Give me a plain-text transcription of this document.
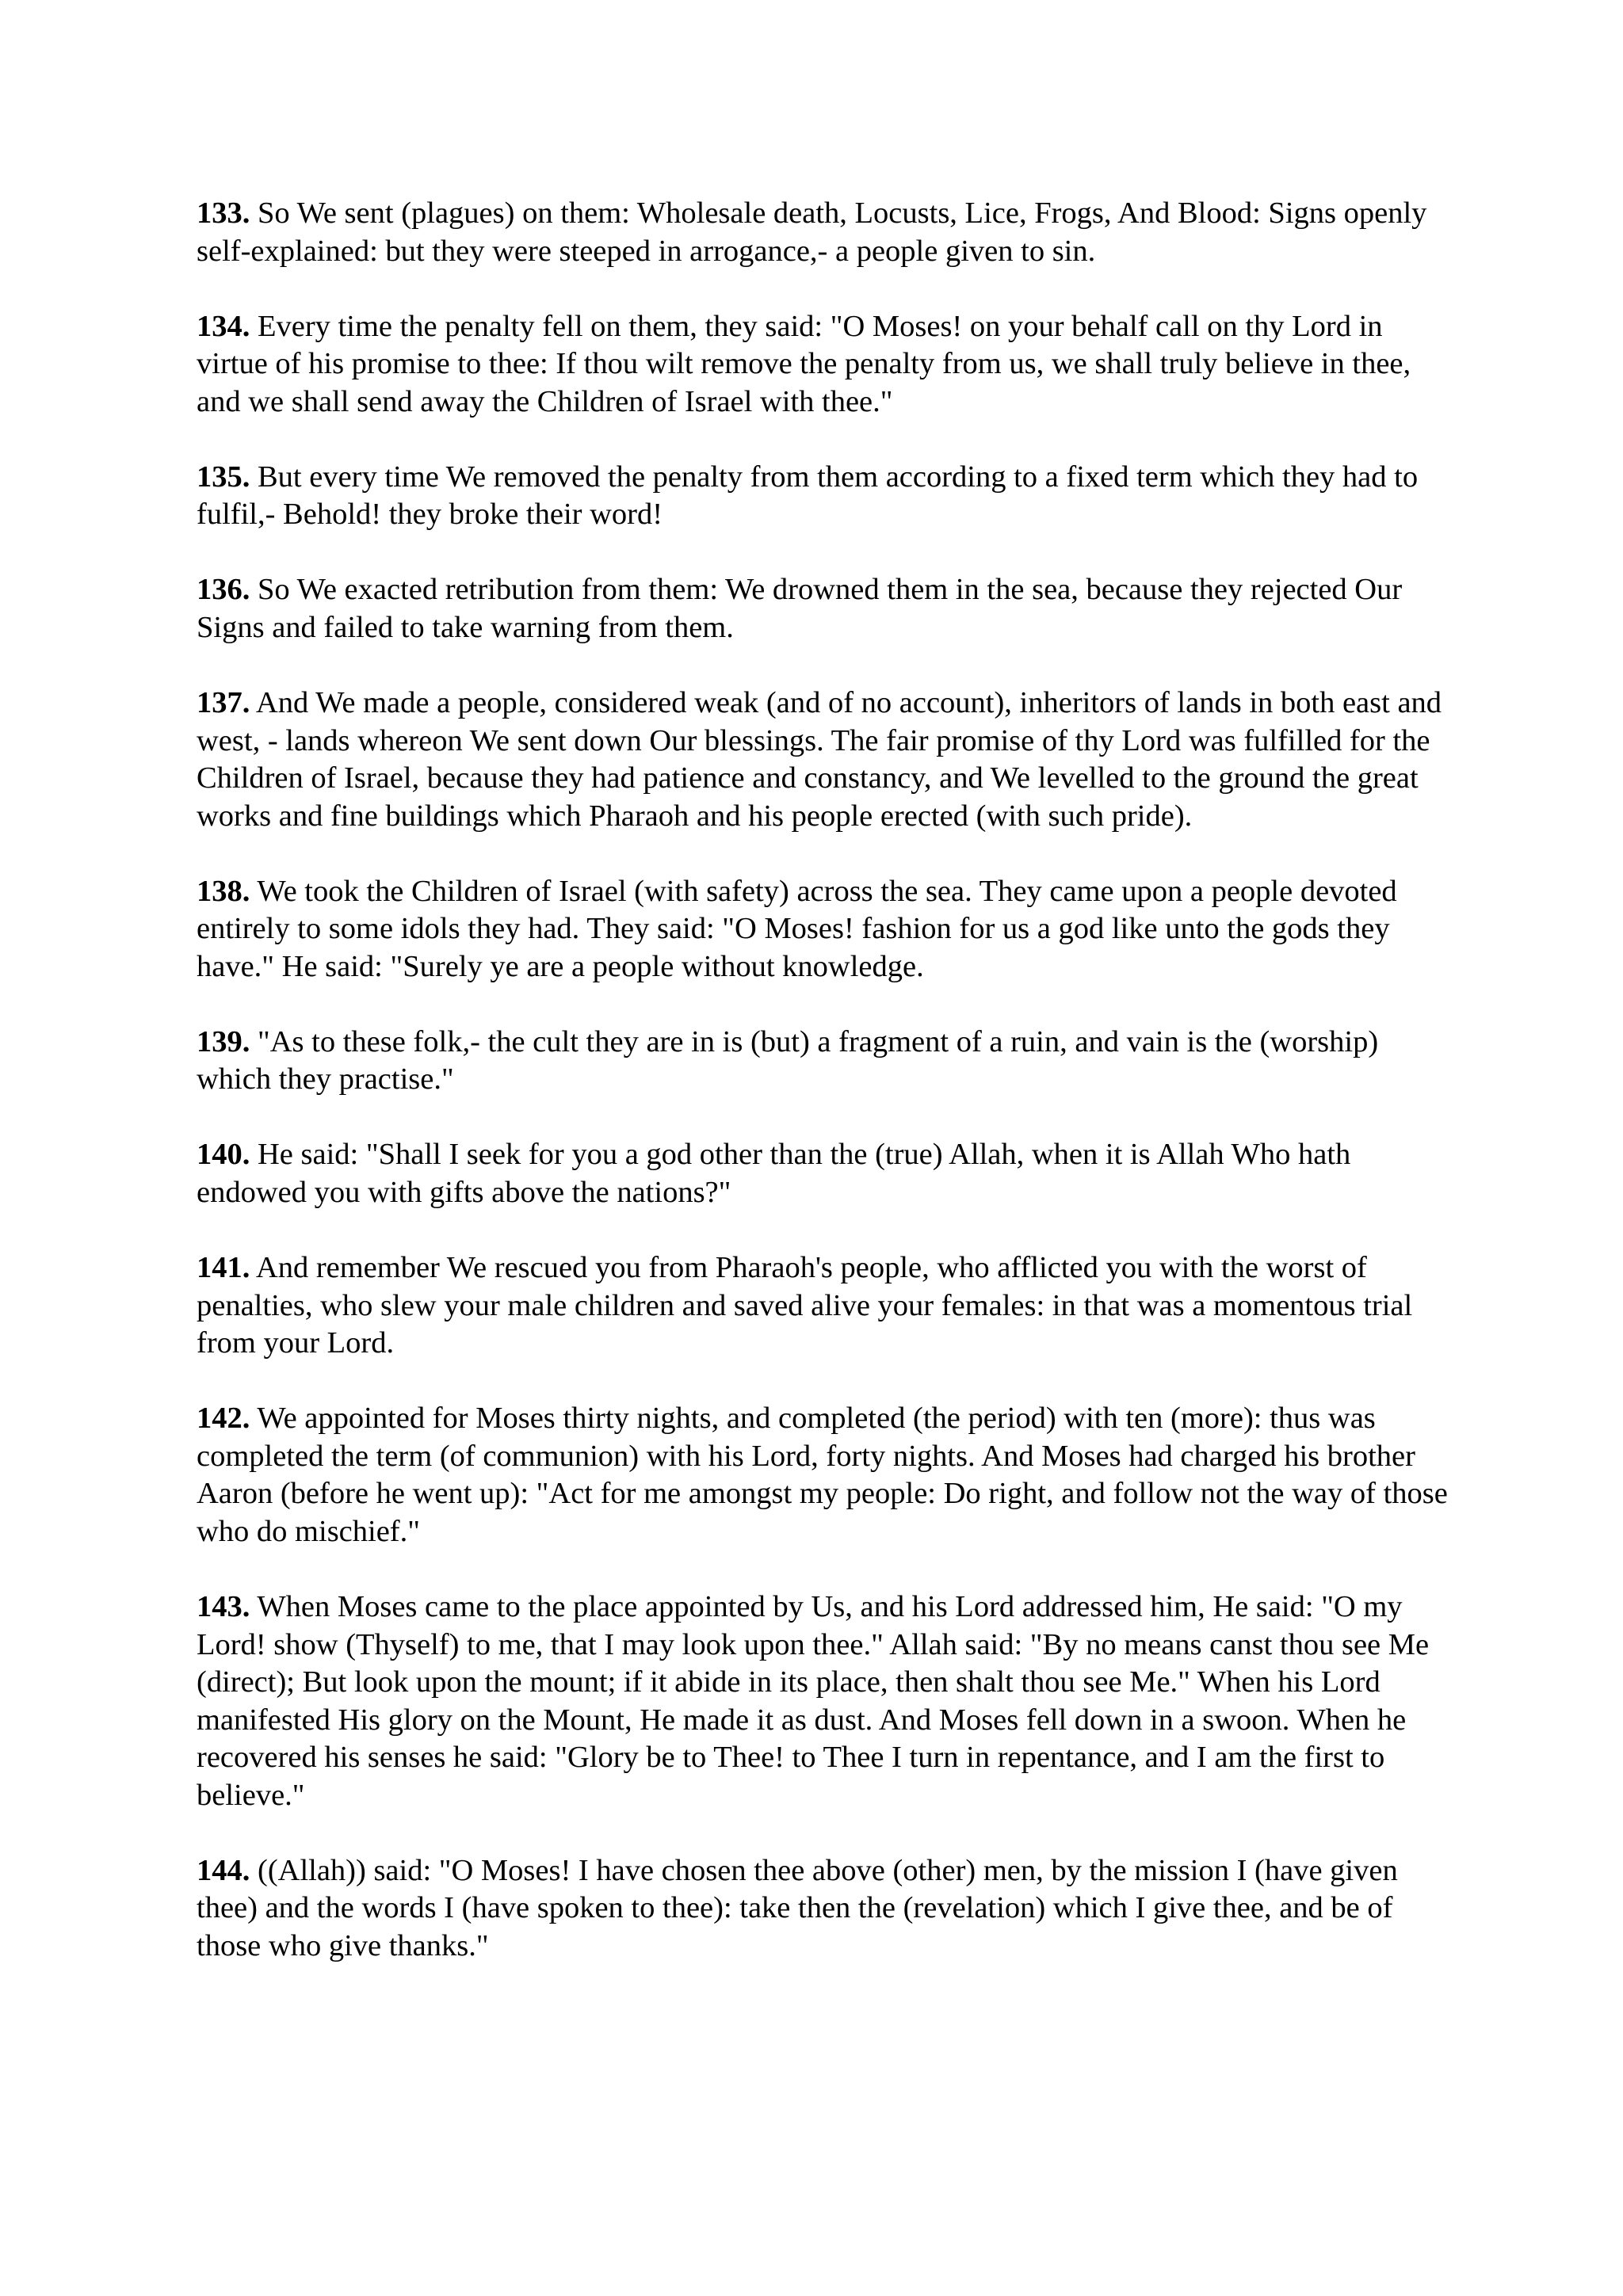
133. So We sent (plagues) on them: Wholesale death, Locusts, Lice, Frogs, And Blood: Signs openly self-explained: but they were steeped in arrogance,- a people given to sin.

134. Every time the penalty fell on them, they said: "O Moses! on your behalf call on thy Lord in virtue of his promise to thee: If thou wilt remove the penalty from us, we shall truly believe in thee, and we shall send away the Children of Israel with thee."

135. But every time We removed the penalty from them according to a fixed term which they had to fulfil,- Behold! they broke their word!

136. So We exacted retribution from them: We drowned them in the sea, because they rejected Our Signs and failed to take warning from them.

137. And We made a people, considered weak (and of no account), inheritors of lands in both east and west, - lands whereon We sent down Our blessings. The fair promise of thy Lord was fulfilled for the Children of Israel, because they had patience and constancy, and We levelled to the ground the great works and fine buildings which Pharaoh and his people erected (with such pride).

138. We took the Children of Israel (with safety) across the sea. They came upon a people devoted entirely to some idols they had. They said: "O Moses! fashion for us a god like unto the gods they have." He said: "Surely ye are a people without knowledge.

139. "As to these folk,- the cult they are in is (but) a fragment of a ruin, and vain is the (worship) which they practise."

140. He said: "Shall I seek for you a god other than the (true) Allah, when it is Allah Who hath endowed you with gifts above the nations?"

141. And remember We rescued you from Pharaoh's people, who afflicted you with the worst of penalties, who slew your male children and saved alive your females: in that was a momentous trial from your Lord.

142. We appointed for Moses thirty nights, and completed (the period) with ten (more): thus was completed the term (of communion) with his Lord, forty nights. And Moses had charged his brother Aaron (before he went up): "Act for me amongst my people: Do right, and follow not the way of those who do mischief."

143. When Moses came to the place appointed by Us, and his Lord addressed him, He said: "O my Lord! show (Thyself) to me, that I may look upon thee." Allah said: "By no means canst thou see Me (direct); But look upon the mount; if it abide in its place, then shalt thou see Me." When his Lord manifested His glory on the Mount, He made it as dust. And Moses fell down in a swoon. When he recovered his senses he said: "Glory be to Thee! to Thee I turn in repentance, and I am the first to believe."

144. ((Allah)) said: "O Moses! I have chosen thee above (other) men, by the mission I (have given thee) and the words I (have spoken to thee): take then the (revelation) which I give thee, and be of those who give thanks."
